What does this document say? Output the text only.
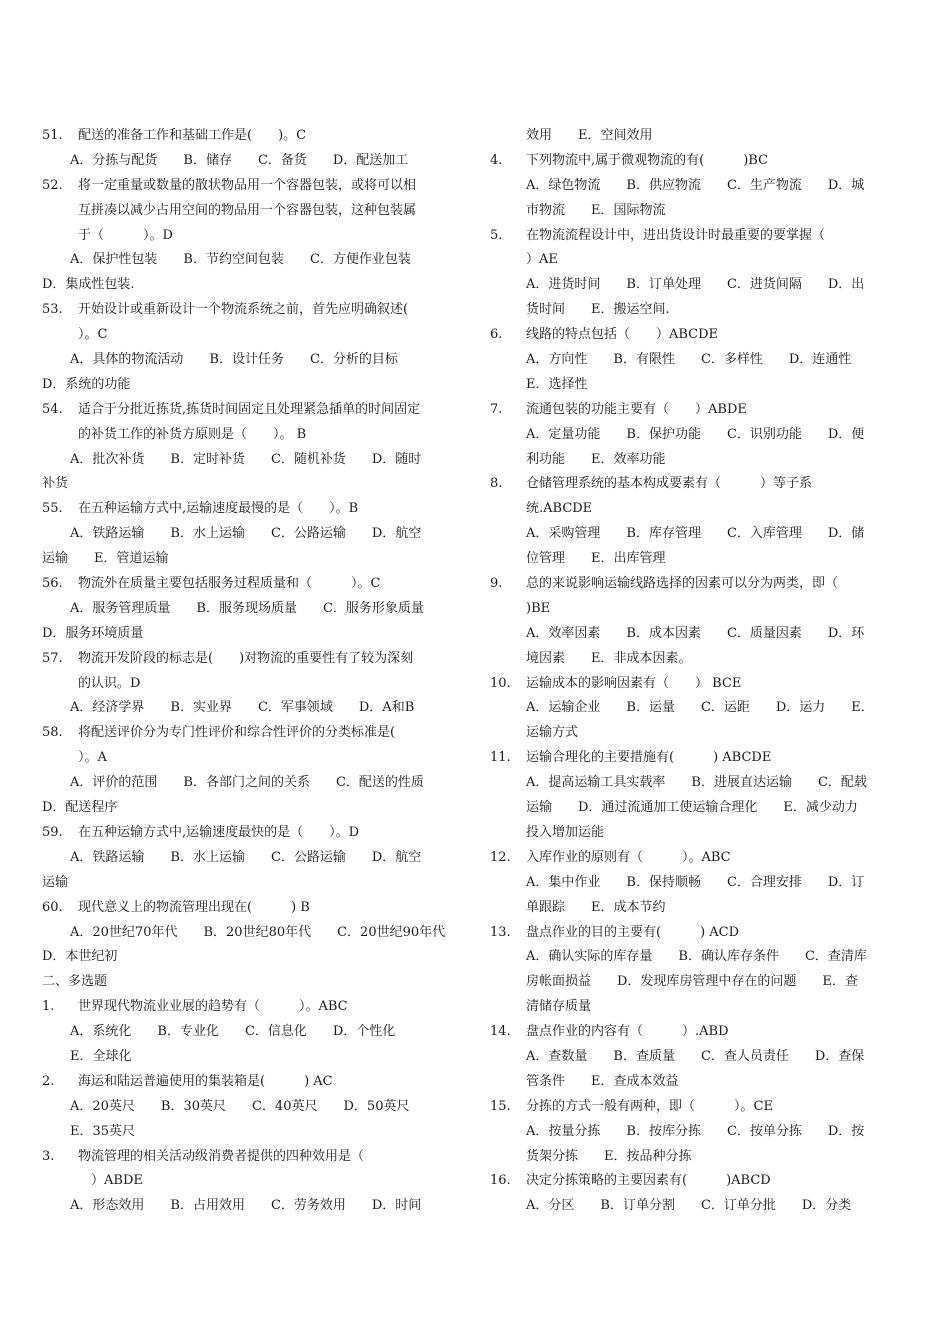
51. 配送的准备工作和基础工作是(　　)。C
A．分拣与配货　　B．储存　　C．备货　　D．配送加工
52. 将一定重量或数量的散状物品用一个容器包装，或将可以相
互拼凑以减少占用空间的物品用一个容器包装，这种包装属
于（　　　）。D
A．保护性包装　　B．节约空间包装　　C．方便作业包装
D．集成性包装.
53. 开始设计或重新设计一个物流系统之前，首先应明确叙述(
）。C
A．具体的物流活动　　B．设计任务　　C．分析的目标
D．系统的功能
54. 适合于分批近拣货,拣货时间固定且处理紧急插单的时间固定
的补货工作的补货方原则是（　　）。 B
A．批次补货　　B．定时补货　　C．随机补货　　D．随时
补货
55. 在五种运输方式中,运输速度最慢的是（　　）。B
A．铁路运输　　B．水上运输　　C．公路运输　　D．航空
运输　　E．管道运输
56. 物流外在质量主要包括服务过程质量和（　　　）。C
A．服务管理质量　　B．服务现场质量　　C．服务形象质量
D．服务环境质量
57. 物流开发阶段的标志是(　　)对物流的重要性有了较为深刻
的认识。D
A．经济学界　　B．实业界　　C．军事领域　　D．A和B
58. 将配送评价分为专门性评价和综合性评价的分类标准是(
）。A
A．评价的范围　　B．各部门之间的关系　　C．配送的性质
D．配送程序
59. 在五种运输方式中,运输速度最快的是（　　）。D
A．铁路运输　　B．水上运输　　C．公路运输　　D．航空
运输
60. 现代意义上的物流管理出现在(　　　) B
A．20世纪70年代　　B．20世纪80年代　　C．20世纪90年代
D．本世纪初
二、多选题
1. 世界现代物流业业展的趋势有（　　　）。ABC
A．系统化　　B．专业化　　C．信息化　　D．个性化
E．全球化
2. 海运和陆运普遍使用的集装箱是(　　　) AC
A．20英尺　　B．30英尺　　C．40英尺　　D．50英尺
E．35英尺
3. 物流管理的相关活动级消费者提供的四种效用是（
　）ABDE
A．形态效用　　B．占用效用　　C．劳务效用　　D．时间
效用　　E．空间效用
4. 下列物流中,属于微观物流的有(　　　)BC
A．绿色物流　　B．供应物流　　C．生产物流　　D．城
市物流　　E．国际物流
5. 在物流流程设计中，进出货设计时最重要的要掌握（
）AE
A．进货时间　　B．订单处理　　C．进货间隔　　D．出
货时间　　E．搬运空间.
6. 线路的特点包括（　　）ABCDE
A．方向性　　B．有限性　　C．多样性　　D．连通性
E．选择性
7. 流通包装的功能主要有（　　）ABDE
A．定量功能　　B．保护功能　　C．识别功能　　D．便
利功能　　E．效率功能
8. 仓储管理系统的基本构成要素有（　　　）等子系
统.ABCDE
A．采购管理　　B．库存管理　　C．入库管理　　D．储
位管理　　E．出库管理
9. 总的来说影响运输线路选择的因素可以分为两类，即（
)BE
A．效率因素　　B．成本因素　　C．质量因素　　D．环
境因素　　E．非成本因素。
10. 运输成本的影响因素有（　　） BCE
A．运输企业　　B．运量　　C．运距　　D．运力　　E．
运输方式
11. 运输合理化的主要措施有(　　　) ABCDE
A．提高运输工具实载率　　B．进展直达运输　　C．配载
运输　　D．通过流通加工使运输合理化　　E．减少动力
投入增加运能
12. 入库作业的原则有（　　　）。ABC
A．集中作业　　B．保持顺畅　　C．合理安排　　D．订
单跟踪　　E．成本节约
13. 盘点作业的目的主要有(　　　) ACD
A．确认实际的库存量　　B．确认库存条件　　C．查清库
房帐面损益　　D．发现库房管理中存在的问题　　E．查
清储存质量
14. 盘点作业的内容有（　　　）.ABD
A．查数量　　B．查质量　　C．查人员责任　　D．查保
管条件　　E．查成本效益
15. 分拣的方式一般有两种，即（　　　）。CE
A．按量分拣　　B．按库分拣　　C．按单分拣　　D．按
货架分拣　　E．按品种分拣
16. 决定分拣策略的主要因素有(　　　)ABCD
A．分区　　B．订单分割　　C．订单分批　　D．分类
